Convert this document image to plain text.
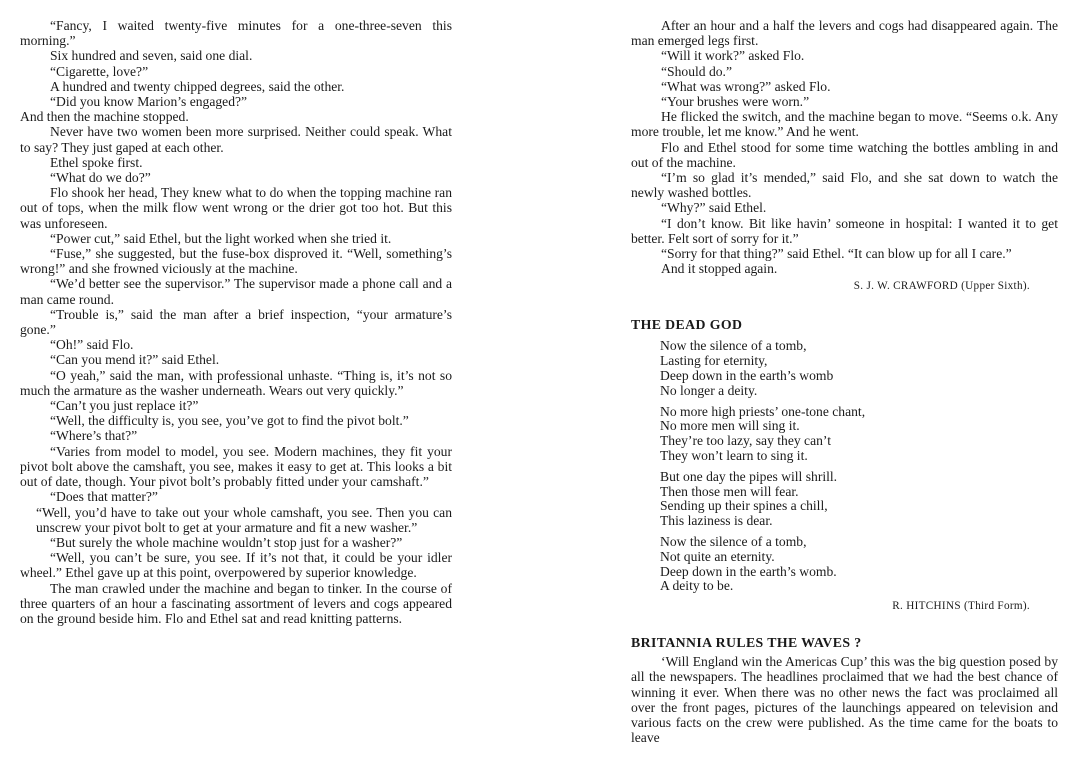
“Fancy, I waited twenty-five minutes for a one-three-seven this morning.”

Six hundred and seven, said one dial.

“Cigarette, love?”

A hundred and twenty chipped degrees, said the other.

“Did you know Marion’s engaged?”

And then the machine stopped.

Never have two women been more surprised. Neither could speak. What to say? They just gaped at each other.

Ethel spoke first.

“What do we do?”

Flo shook her head, They knew what to do when the topping machine ran out of tops, when the milk flow went wrong or the drier got too hot. But this was unforeseen.

“Power cut,” said Ethel, but the light worked when she tried it.

“Fuse,” she suggested, but the fuse-box disproved it. “Well, something’s wrong!” and she frowned viciously at the machine.

“We’d better see the supervisor.” The supervisor made a phone call and a man came round.

“Trouble is,” said the man after a brief inspection, “your armature’s gone.”

“Oh!” said Flo.

“Can you mend it?” said Ethel.

“O yeah,” said the man, with professional unhaste. “Thing is, it’s not so much the armature as the washer underneath. Wears out very quickly.”

“Can’t you just replace it?”

“Well, the difficulty is, you see, you’ve got to find the pivot bolt.”

“Where’s that?”

“Varies from model to model, you see. Modern machines, they fit your pivot bolt above the camshaft, you see, makes it easy to get at. This looks a bit out of date, though. Your pivot bolt’s probably fitted under your camshaft.”

“Does that matter?”

“Well, you’d have to take out your whole camshaft, you see. Then you can unscrew your pivot bolt to get at your armature and fit a new washer.”

“But surely the whole machine wouldn’t stop just for a washer?”

“Well, you can’t be sure, you see. If it’s not that, it could be your idler wheel.” Ethel gave up at this point, overpowered by superior knowledge.

The man crawled under the machine and began to tinker. In the course of three quarters of an hour a fascinating assortment of levers and cogs appeared on the ground beside him. Flo and Ethel sat and read knitting patterns.

After an hour and a half the levers and cogs had disappeared again. The man emerged legs first.

“Will it work?” asked Flo.

“Should do.”

“What was wrong?” asked Flo.

“Your brushes were worn.”

He flicked the switch, and the machine began to move. “Seems o.k. Any more trouble, let me know.” And he went.

Flo and Ethel stood for some time watching the bottles ambling in and out of the machine.

“I’m so glad it’s mended,” said Flo, and she sat down to watch the newly washed bottles.

“Why?” said Ethel.

“I don’t know. Bit like havin’ someone in hospital: I wanted it to get better. Felt sort of sorry for it.”

“Sorry for that thing?” said Ethel. “It can blow up for all I care.”

And it stopped again.

S. J. W. CRAWFORD (Upper Sixth).

THE DEAD GOD
Now the silence of a tomb,
Lasting for eternity,
Deep down in the earth’s womb
No longer a deity.
No more high priests’ one-tone chant,
No more men will sing it.
They’re too lazy, say they can’t
They won’t learn to sing it.
But one day the pipes will shrill.
Then those men will fear.
Sending up their spines a chill,
This laziness is dear.
Now the silence of a tomb,
Not quite an eternity.
Deep down in the earth’s womb.
A deity to be.

R. HITCHINS (Third Form).

BRITANNIA RULES THE WAVES ?

‘Will England win the Americas Cup’ this was the big question posed by all the newspapers. The headlines proclaimed that we had the best chance of winning it ever. When there was no other news the fact was proclaimed all over the front pages, pictures of the launchings appeared on television and various facts on the crew were published. As the time came for the boats to leave
